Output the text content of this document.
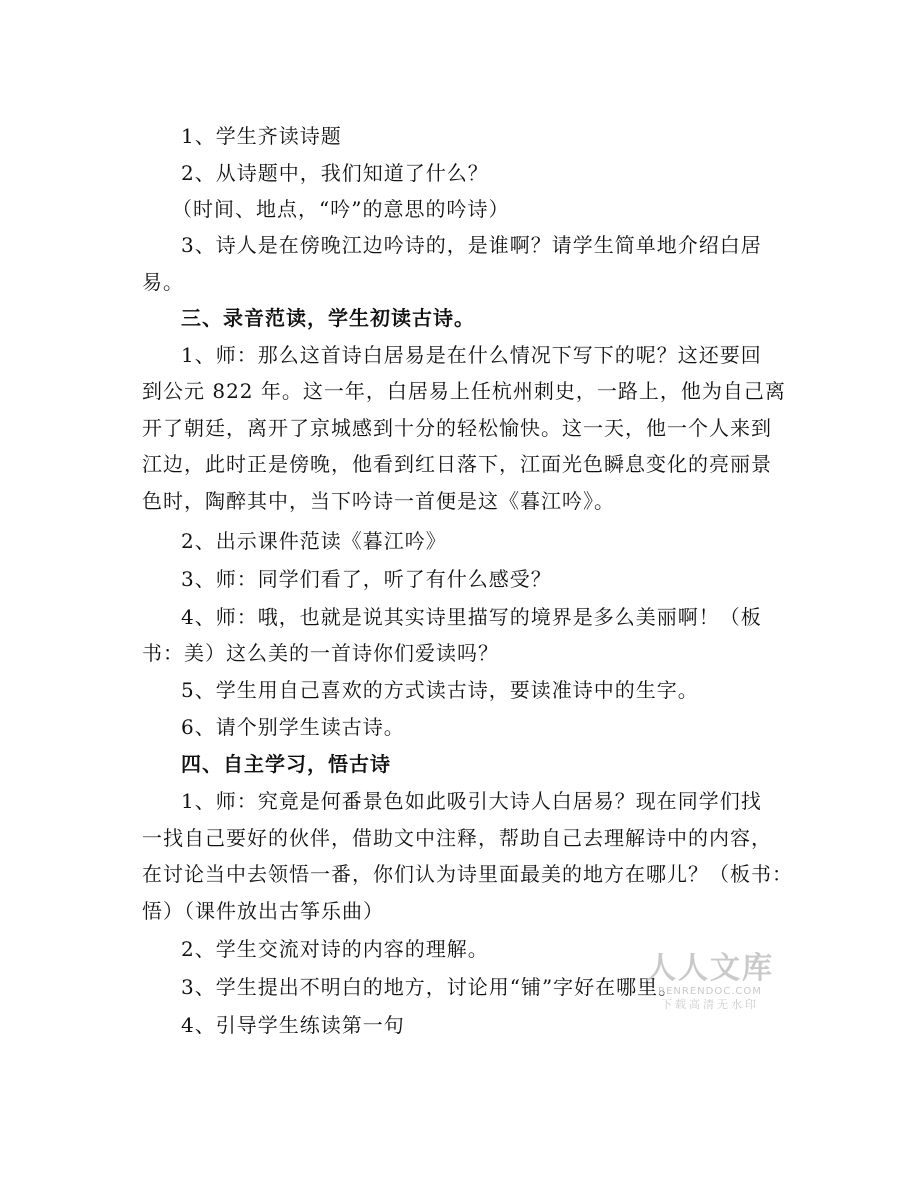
1、学生齐读诗题
2、从诗题中，我们知道了什么？
（时间、地点，“吟”的意思的吟诗）
3、诗人是在傍晚江边吟诗的，是谁啊？请学生简单地介绍白居
易。
三、录音范读，学生初读古诗。
1、师：那么这首诗白居易是在什么情况下写下的呢？这还要回
到公元 822 年。这一年，白居易上任杭州刺史，一路上，他为自己离
开了朝廷，离开了京城感到十分的轻松愉快。这一天，他一个人来到
江边，此时正是傍晚，他看到红日落下，江面光色瞬息变化的亮丽景
色时，陶醉其中，当下吟诗一首便是这《暮江吟》。
2、出示课件范读《暮江吟》
3、师：同学们看了，听了有什么感受？
4、师：哦，也就是说其实诗里描写的境界是多么美丽啊！（板
书：美）这么美的一首诗你们爱读吗？
5、学生用自己喜欢的方式读古诗，要读准诗中的生字。
6、请个别学生读古诗。
四、自主学习，悟古诗
1、师：究竟是何番景色如此吸引大诗人白居易？现在同学们找
一找自己要好的伙伴，借助文中注释，帮助自己去理解诗中的内容，
在讨论当中去领悟一番，你们认为诗里面最美的地方在哪儿？（板书：
悟）（课件放出古筝乐曲）
2、学生交流对诗的内容的理解。
3、学生提出不明白的地方，讨论用“铺”字好在哪里。
4、引导学生练读第一句
人人文库
RENRENDOC.COM
下载高清无水印
